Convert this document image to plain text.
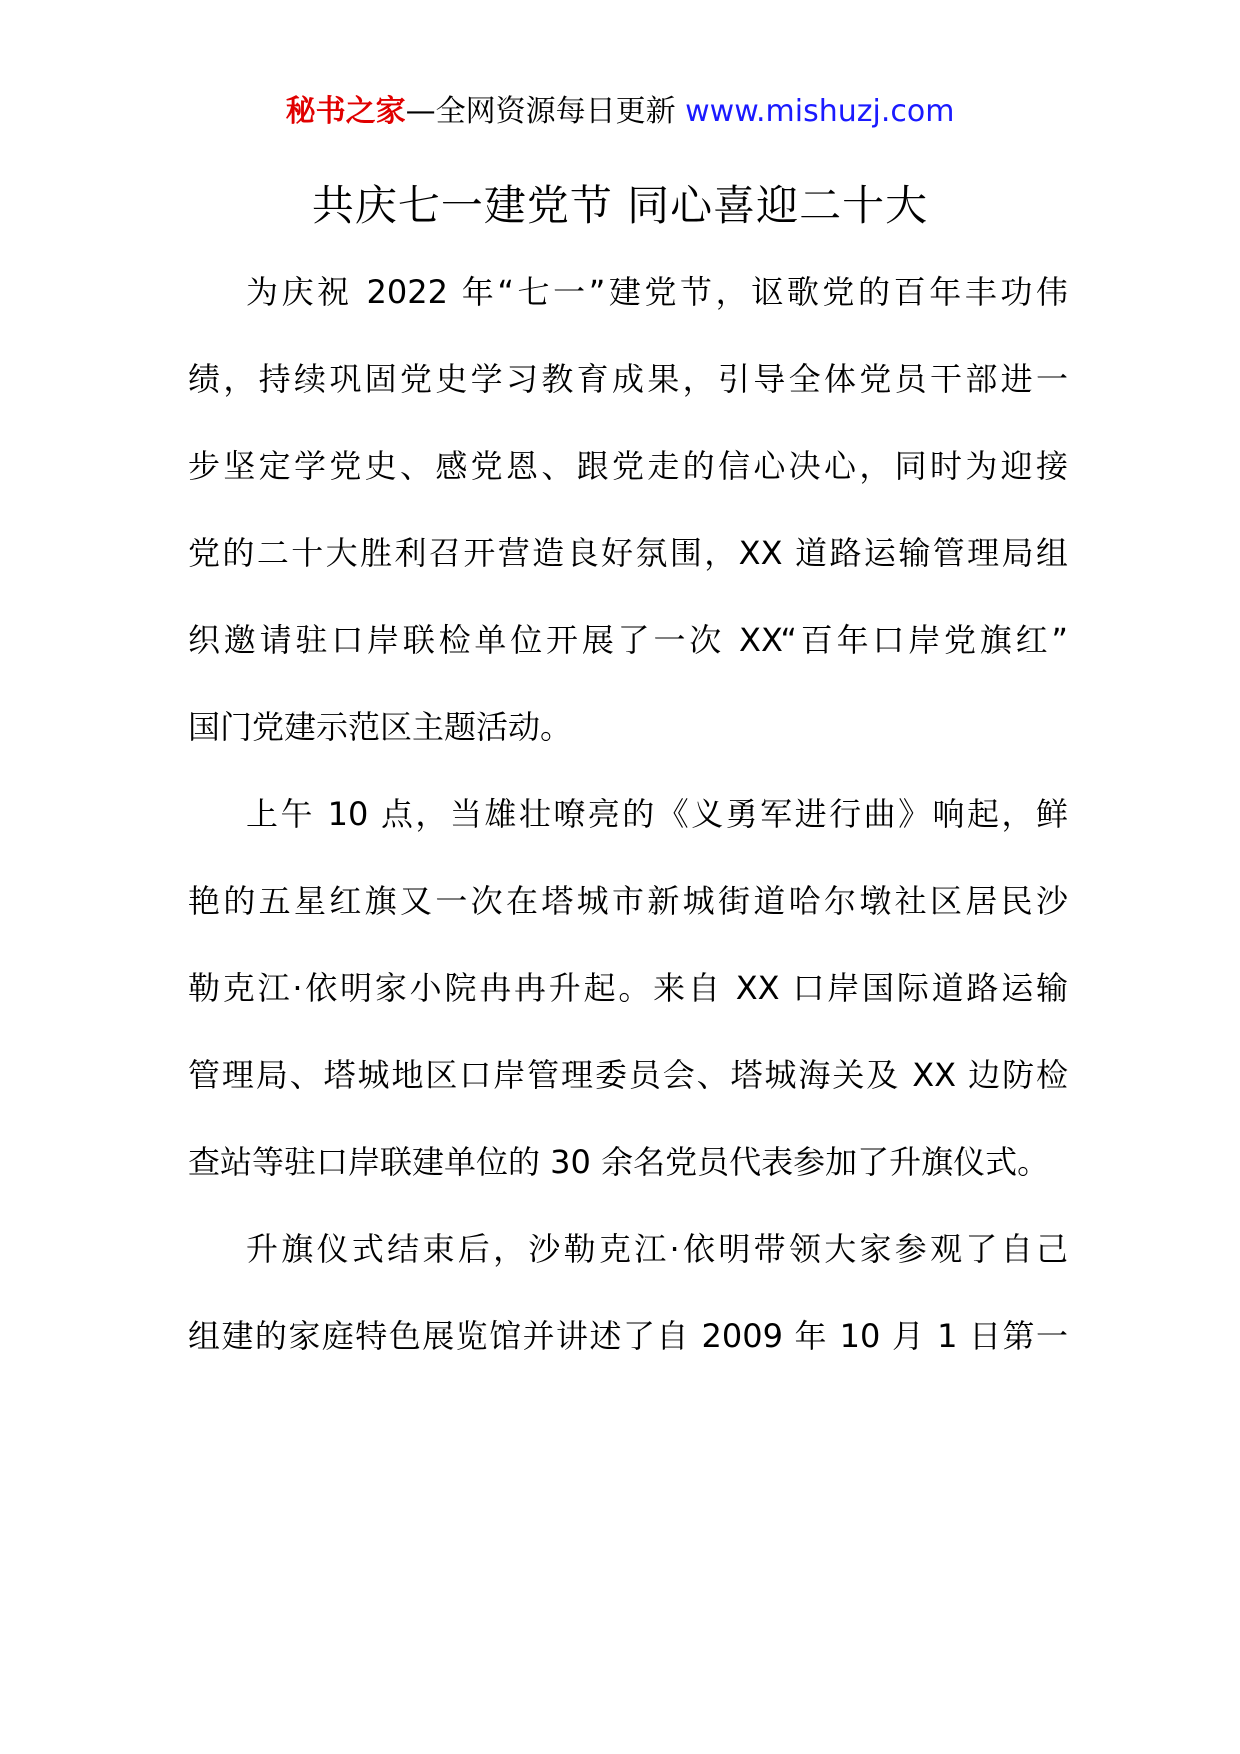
秘书之家—全网资源每日更新 www.mishuzj.com
共庆七一建党节 同心喜迎二十大
为庆祝 2022 年“七一”建党节，讴歌党的百年丰功伟
绩，持续巩固党史学习教育成果，引导全体党员干部进一
步坚定学党史、感党恩、跟党走的信心决心，同时为迎接
党的二十大胜利召开营造良好氛围，XX 道路运输管理局组
织邀请驻口岸联检单位开展了一次 XX“百年口岸党旗红”
国门党建示范区主题活动。
上午 10 点，当雄壮嘹亮的《义勇军进行曲》响起，鲜
艳的五星红旗又一次在塔城市新城街道哈尔墩社区居民沙
勒克江·依明家小院冉冉升起。来自 XX 口岸国际道路运输
管理局、塔城地区口岸管理委员会、塔城海关及 XX 边防检
查站等驻口岸联建单位的 30 余名党员代表参加了升旗仪式。
升旗仪式结束后，沙勒克江·依明带领大家参观了自己
组建的家庭特色展览馆并讲述了自 2009 年 10 月 1 日第一
